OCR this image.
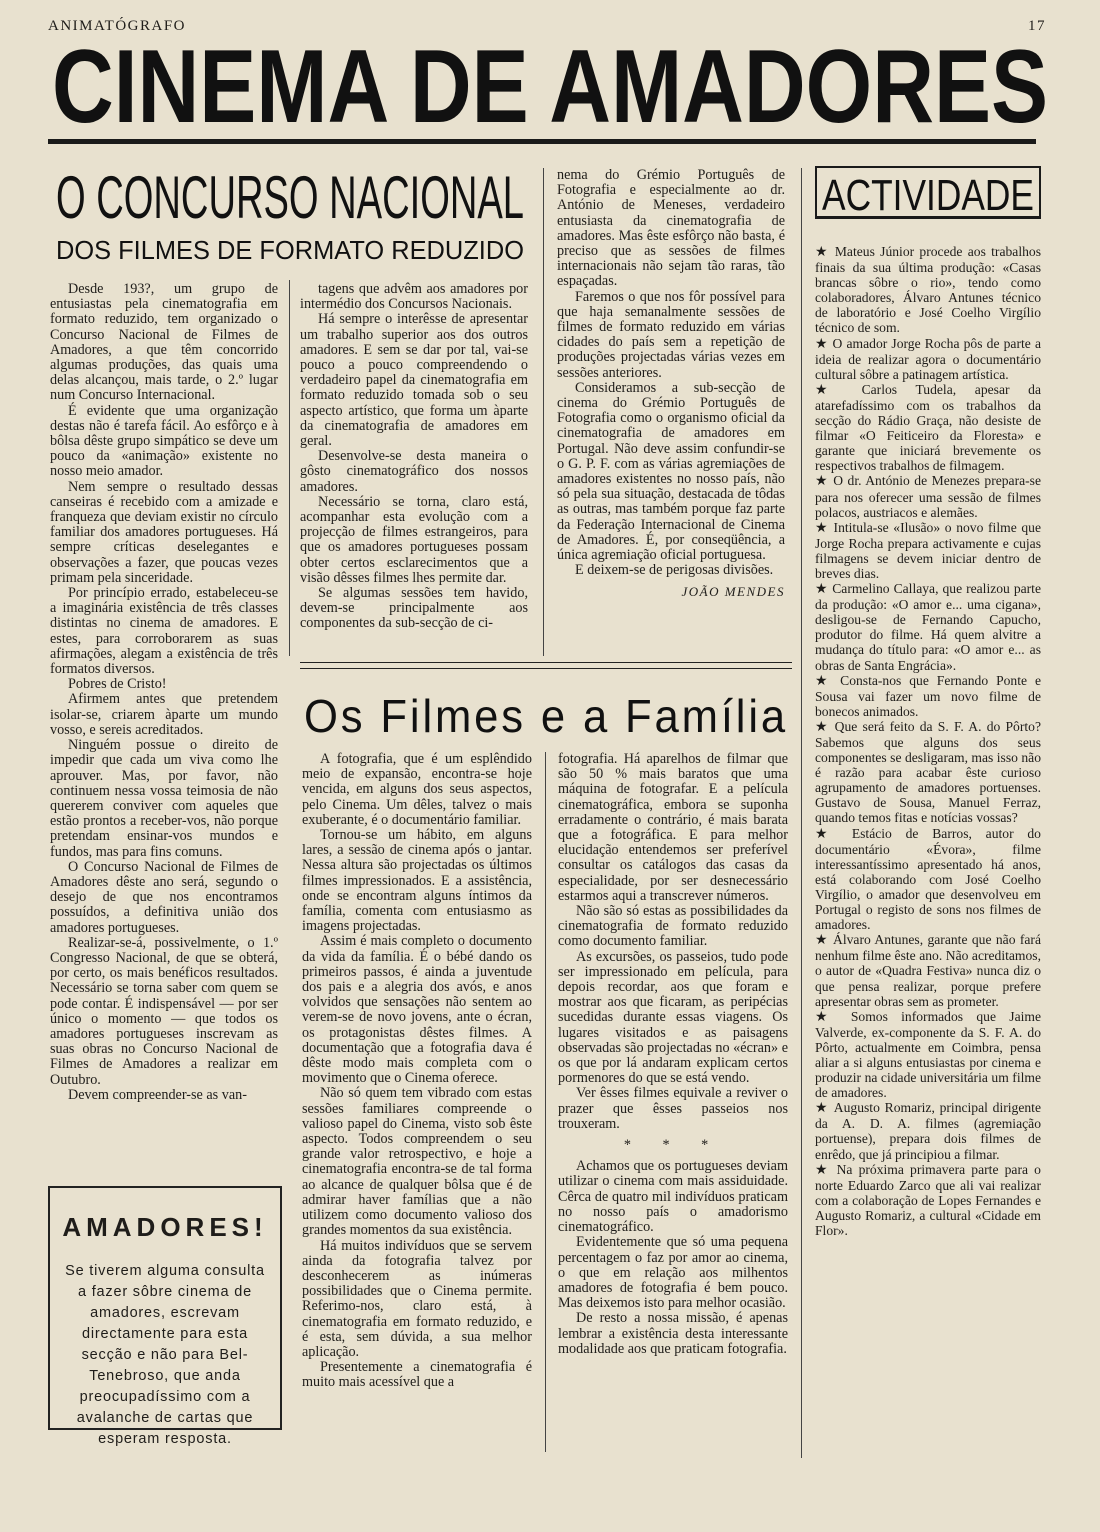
ANIMATÓGRAFO	17
CINEMA DE AMADORES
O CONCURSO NACIONAL
DOS FILMES DE FORMATO REDUZIDO

Desde 193?, um grupo de entusiastas pela cinematografia em formato reduzido, tem organizado o Concurso Nacional de Filmes de Amadores, a que têm concorrido algumas produções, das quais uma delas alcançou, mais tarde, o 2.º lugar num Concurso Internacional.

É evidente que uma organização destas não é tarefa fácil. Ao esfôrço e à bôlsa dêste grupo simpático se deve um pouco da «animação» existente no nosso meio amador.

Nem sempre o resultado dessas canseiras é recebido com a amizade e franqueza que deviam existir no círculo familiar dos amadores portugueses. Há sempre críticas deselegantes e observações a fazer, que poucas vezes primam pela sinceridade.

Por princípio errado, estabeleceu-se a imaginária existência de três classes distintas no cinema de amadores. E estes, para corroborarem as suas afirmações, alegam a existência de três formatos diversos.

Pobres de Cristo!

Afirmem antes que pretendem isolar-se, criarem àparte um mundo vosso, e sereis acreditados.

Ninguém possue o direito de impedir que cada um viva como lhe aprouver. Mas, por favor, não continuem nessa vossa teimosia de não quererem conviver com aqueles que estão prontos a receber-vos, não porque pretendam ensinar-vos mundos e fundos, mas para fins comuns.

O Concurso Nacional de Filmes de Amadores dêste ano será, segundo o desejo de que nos encontramos possuídos, a definitiva união dos amadores portugueses.

Realizar-se-á, possivelmente, o 1.º Congresso Nacional, de que se obterá, por certo, os mais benéficos resultados. Necessário se torna saber com quem se pode contar. É indispensável — por ser único o momento — que todos os amadores portugueses inscrevam as suas obras no Concurso Nacional de Filmes de Amadores a realizar em Outubro.

Devem compreender-se as van-

tagens que advêm aos amadores por intermédio dos Concursos Nacionais.

Há sempre o interêsse de apresentar um trabalho superior aos dos outros amadores. E sem se dar por tal, vai-se pouco a pouco compreendendo o verdadeiro papel da cinematografia em formato reduzido tomada sob o seu aspecto artístico, que forma um àparte da cinematografia de amadores em geral.

Desenvolve-se desta maneira o gôsto cinematográfico dos nossos amadores.

Necessário se torna, claro está, acompanhar esta evolução com a projecção de filmes estrangeiros, para que os amadores portugueses possam obter certos esclarecimentos que a visão dêsses filmes lhes permite dar.

Se algumas sessões tem havido, devem-se principalmente aos componentes da sub-secção de ci-

nema do Grémio Português de Fotografia e especialmente ao dr. António de Meneses, verdadeiro entusiasta da cinematografia de amadores. Mas êste esfôrço não basta, é preciso que as sessões de filmes internacionais não sejam tão raras, tão espaçadas.

Faremos o que nos fôr possível para que haja semanalmente sessões de filmes de formato reduzido em várias cidades do país sem a repetição de produções projectadas várias vezes em sessões anteriores.

Consideramos a sub-secção de cinema do Grémio Português de Fotografia como o organismo oficial da cinematografia de amadores em Portugal. Não deve assim confundir-se o G. P. F. com as várias agremiações de amadores existentes no nosso país, não só pela sua situação, destacada de tôdas as outras, mas também porque faz parte da Federação Internacional de Cinema de Amadores. É, por conseqüência, a única agremiação oficial portuguesa.

E deixem-se de perigosas divisões.

JOÃO MENDES
AMADORES!
Se tiverem alguma consulta a fazer sôbre cinema de amadores, escrevam directamente para esta secção e não para Bel-Tenebroso, que anda preocupadíssimo com a avalanche de cartas que esperam resposta.
Os Filmes e a Família

A fotografia, que é um esplêndido meio de expansão, encontra-se hoje vencida, em alguns dos seus aspectos, pelo Cinema. Um dêles, talvez o mais exuberante, é o documentário familiar.

Tornou-se um hábito, em alguns lares, a sessão de cinema após o jantar. Nessa altura são projectadas os últimos filmes impressionados. E a assistência, onde se encontram alguns íntimos da família, comenta com entusiasmo as imagens projectadas.

Assim é mais completo o documento da vida da família. É o bébé dando os primeiros passos, é ainda a juventude dos pais e a alegria dos avós, e anos volvidos que sensações não sentem ao verem-se de novo jovens, ante o écran, os protagonistas dêstes filmes. A documentação que a fotografia dava é dêste modo mais completa com o movimento que o Cinema oferece.

Não só quem tem vibrado com estas sessões familiares compreende o valioso papel do Cinema, visto sob êste aspecto. Todos compreendem o seu grande valor retrospectivo, e hoje a cinematografia encontra-se de tal forma ao alcance de qualquer bôlsa que é de admirar haver famílias que a não utilizem como documento valioso dos grandes momentos da sua existência.

Há muitos indivíduos que se servem ainda da fotografia talvez por desconhecerem as inúmeras possibilidades que o Cinema permite. Referimo-nos, claro está, à cinematografia em formato reduzido, e é esta, sem dúvida, a sua melhor aplicação.

Presentemente a cinematografia é muito mais acessível que a

fotografia. Há aparelhos de filmar que são 50 % mais baratos que uma máquina de fotografar. E a película cinematográfica, embora se suponha erradamente o contrário, é mais barata que a fotográfica. E para melhor elucidação entendemos ser preferível consultar os catálogos das casas da especialidade, por ser desnecessário estarmos aqui a transcrever números.

Não são só estas as possibilidades da cinematografia de formato reduzido como documento familiar.

As excursões, os passeios, tudo pode ser impressionado em película, para depois recordar, aos que foram e mostrar aos que ficaram, as peripécias sucedidas durante essas viagens. Os lugares visitados e as paisagens observadas são projectadas no «écran» e os que por lá andaram explicam certos pormenores do que se está vendo.

Ver êsses filmes equivale a reviver o prazer que êsses passeios nos trouxeram.

* * *

Achamos que os portugueses deviam utilizar o cinema com mais assiduidade. Cêrca de quatro mil indivíduos praticam no nosso país o amadorismo cinematográfico.

Evidentemente que só uma pequena percentagem o faz por amor ao cinema, o que em relação aos milhentos amadores de fotografia é bem pouco. Mas deixemos isto para melhor ocasião.

De resto a nossa missão, é apenas lembrar a existência desta interessante modalidade aos que praticam fotografia.

ACTIVIDADE

★ Mateus Júnior procede aos trabalhos finais da sua última produção: «Casas brancas sôbre o rio», tendo como colaboradores, Álvaro Antunes técnico de laboratório e José Coelho Virgílio técnico de som.

★ O amador Jorge Rocha pôs de parte a ideia de realizar agora o documentário cultural sôbre a patinagem artística.

★ Carlos Tudela, apesar da atarefadíssimo com os trabalhos da secção do Rádio Graça, não desiste de filmar «O Feiticeiro da Floresta» e garante que iniciará brevemente os respectivos trabalhos de filmagem.

★ O dr. António de Menezes prepara-se para nos oferecer uma sessão de filmes polacos, austriacos e alemães.

★ Intitula-se «Ilusão» o novo filme que Jorge Rocha prepara activamente e cujas filmagens se devem iniciar dentro de breves dias.

★ Carmelino Callaya, que realizou parte da produção: «O amor e... uma cigana», desligou-se de Fernando Capucho, produtor do filme. Há quem alvitre a mudança do título para: «O amor e... as obras de Santa Engrácia».

★ Consta-nos que Fernando Ponte e Sousa vai fazer um novo filme de bonecos animados.

★ Que será feito da S. F. A. do Pôrto? Sabemos que alguns dos seus componentes se desligaram, mas isso não é razão para acabar êste curioso agrupamento de amadores portuenses. Gustavo de Sousa, Manuel Ferraz, quando temos fitas e notícias vossas?

★ Estácio de Barros, autor do documentário «Évora», filme interessantíssimo apresentado há anos, está colaborando com José Coelho Virgílio, o amador que desenvolveu em Portugal o registo de sons nos filmes de amadores.

★ Álvaro Antunes, garante que não fará nenhum filme êste ano. Não acreditamos, o autor de «Quadra Festiva» nunca diz o que pensa realizar, porque prefere apresentar obras sem as prometer.

★ Somos informados que Jaime Valverde, ex-componente da S. F. A. do Pôrto, actualmente em Coimbra, pensa aliar a si alguns entusiastas por cinema e produzir na cidade universitária um filme de amadores.

★ Augusto Romariz, principal dirigente da A. D. A. filmes (agremiação portuense), prepara dois filmes de enrêdo, que já principiou a filmar.

★ Na próxima primavera parte para o norte Eduardo Zarco que ali vai realizar com a colaboração de Lopes Fernandes e Augusto Romariz, a cultural «Cidade em Flor».
